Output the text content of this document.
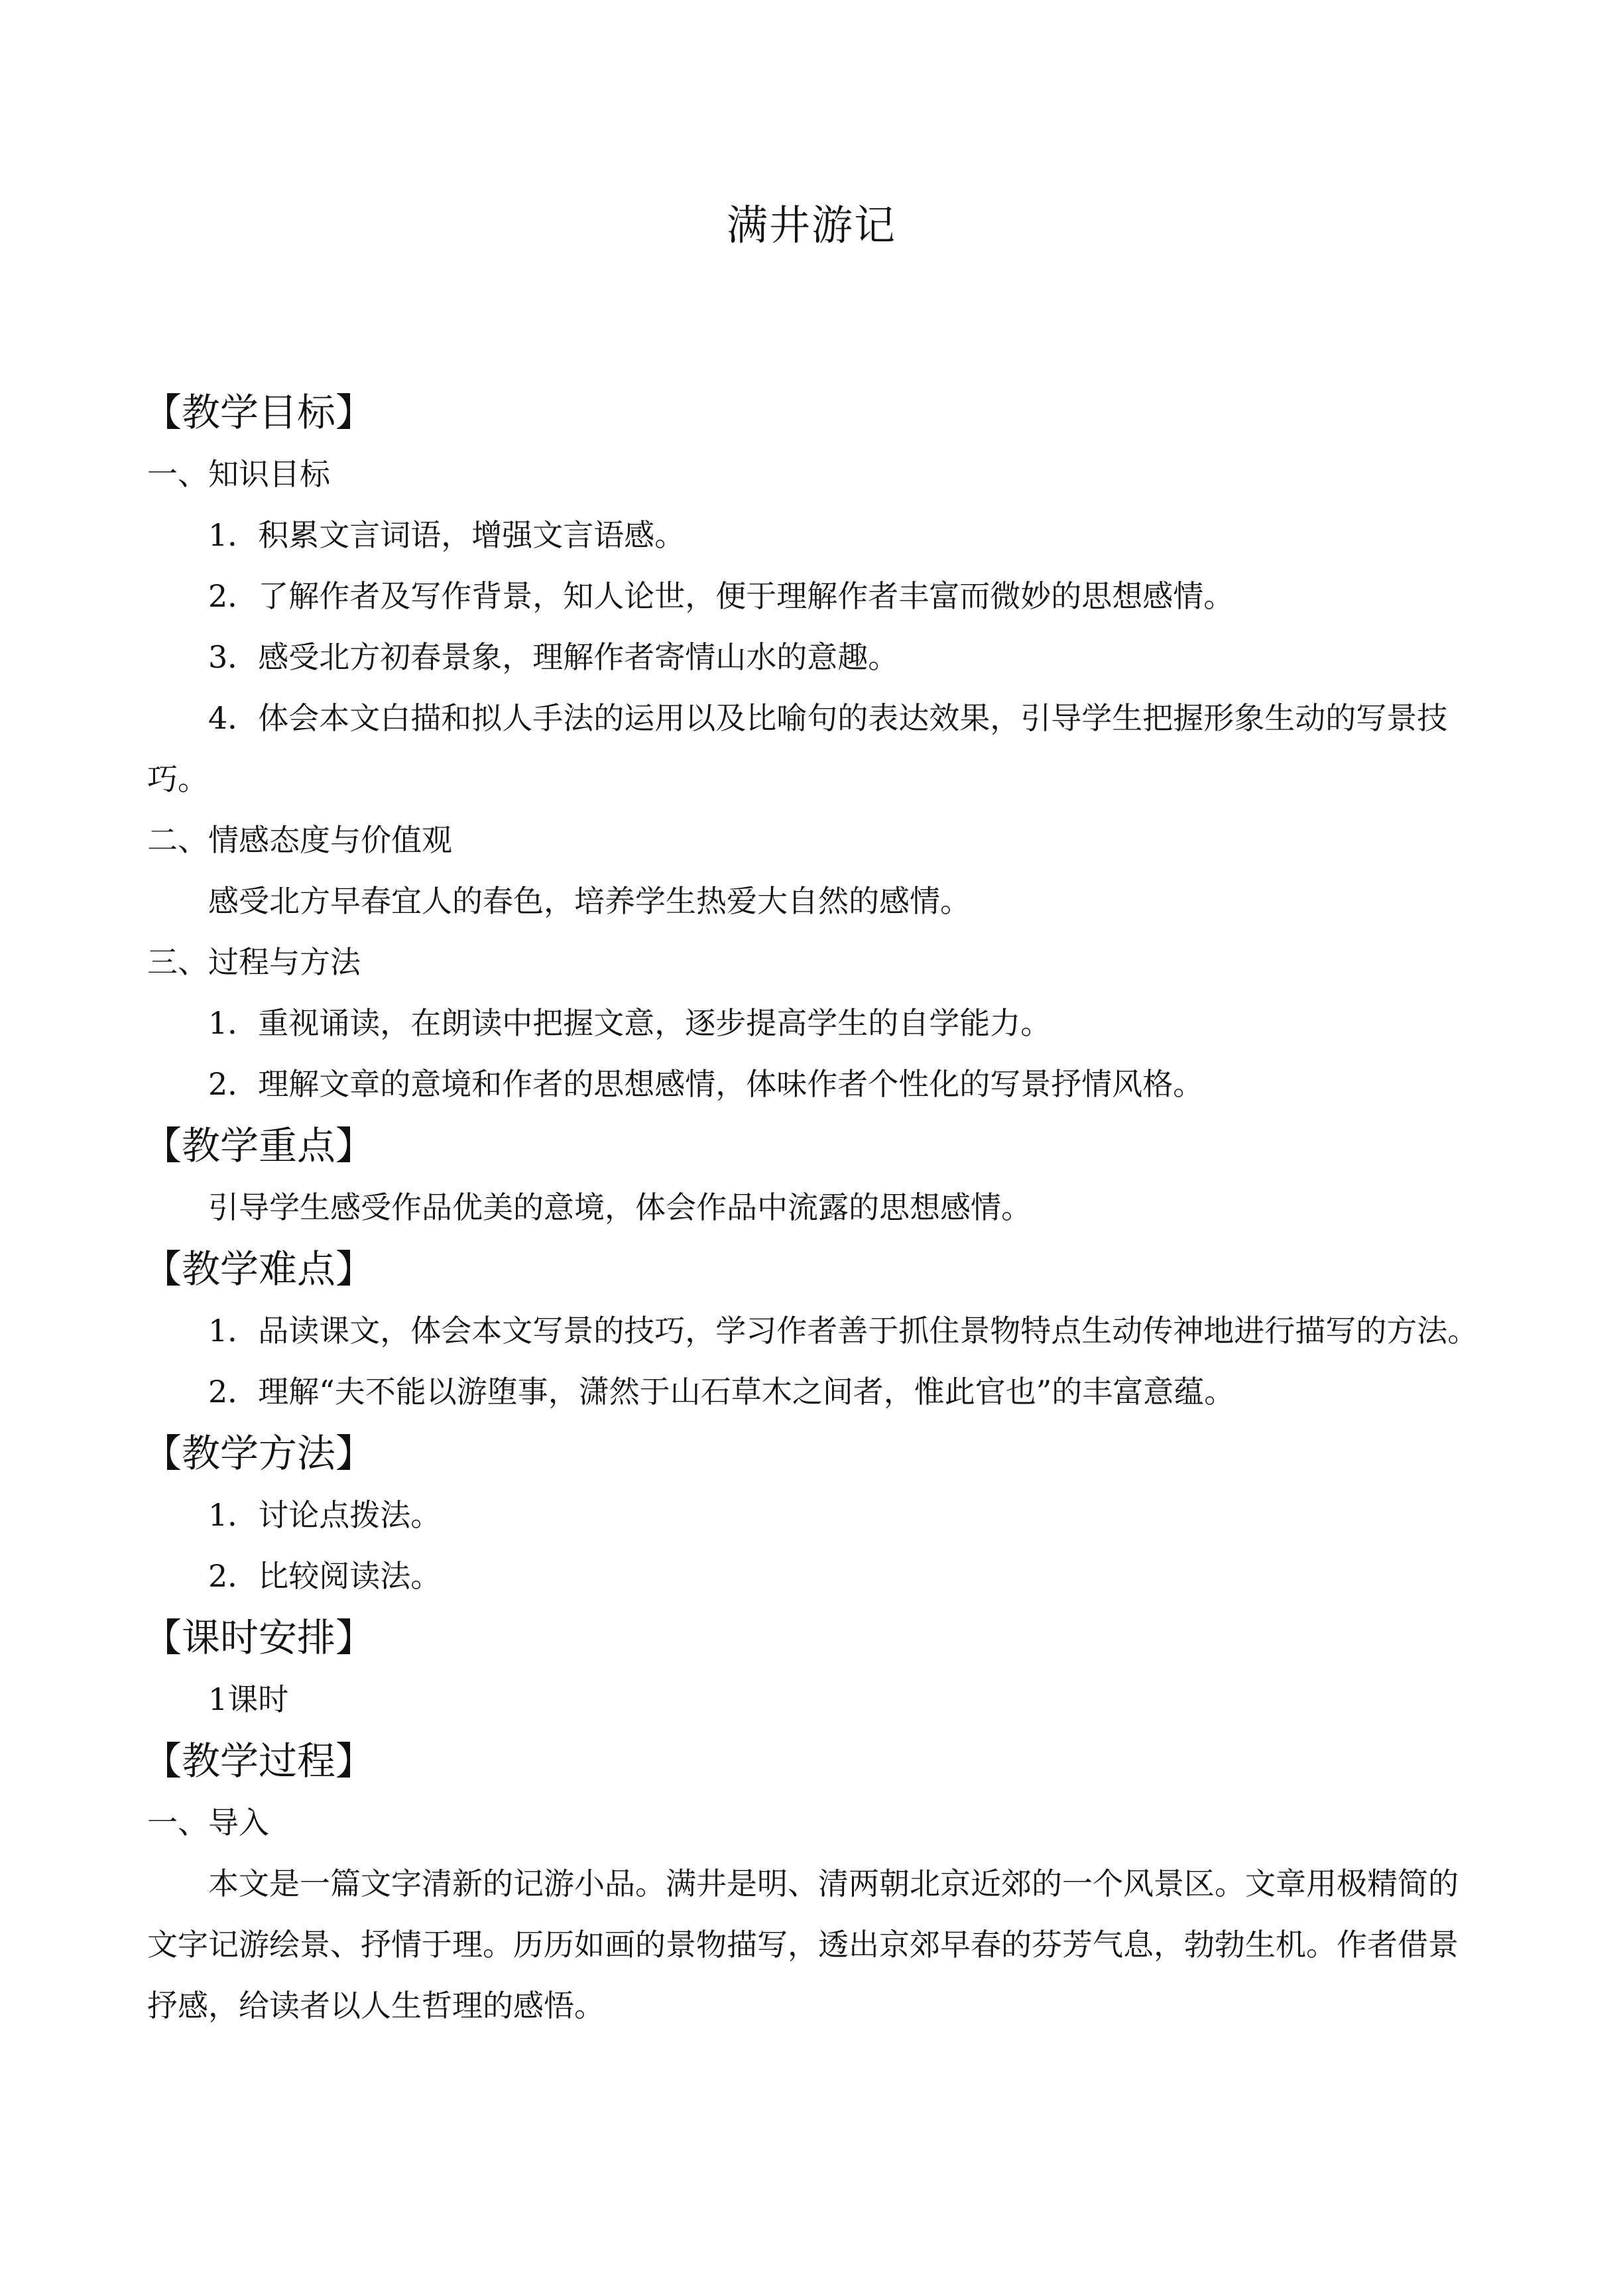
满井游记
【教学目标】
一、知识目标

1．积累文言词语，增强文言语感。

2．了解作者及写作背景，知人论世，便于理解作者丰富而微妙的思想感情。

3．感受北方初春景象，理解作者寄情山水的意趣。

4．体会本文白描和拟人手法的运用以及比喻句的表达效果，引导学生把握形象生动的写景技巧。

二、情感态度与价值观

感受北方早春宜人的春色，培养学生热爱大自然的感情。

三、过程与方法

1．重视诵读，在朗读中把握文意，逐步提高学生的自学能力。

2．理解文章的意境和作者的思想感情，体味作者个性化的写景抒情风格。

【教学重点】

引导学生感受作品优美的意境，体会作品中流露的思想感情。

【教学难点】

1．品读课文，体会本文写景的技巧，学习作者善于抓住景物特点生动传神地进行描写的方法。

2．理解“夫不能以游堕事，潇然于山石草木之间者，惟此官也”的丰富意蕴。

【教学方法】

1．讨论点拨法。

2．比较阅读法。

【课时安排】

1课时

【教学过程】
一、导入

本文是一篇文字清新的记游小品。满井是明、清两朝北京近郊的一个风景区。文章用极精简的文字记游绘景、抒情于理。历历如画的景物描写，透出京郊早春的芬芳气息，勃勃生机。作者借景抒感，给读者以人生哲理的感悟。
